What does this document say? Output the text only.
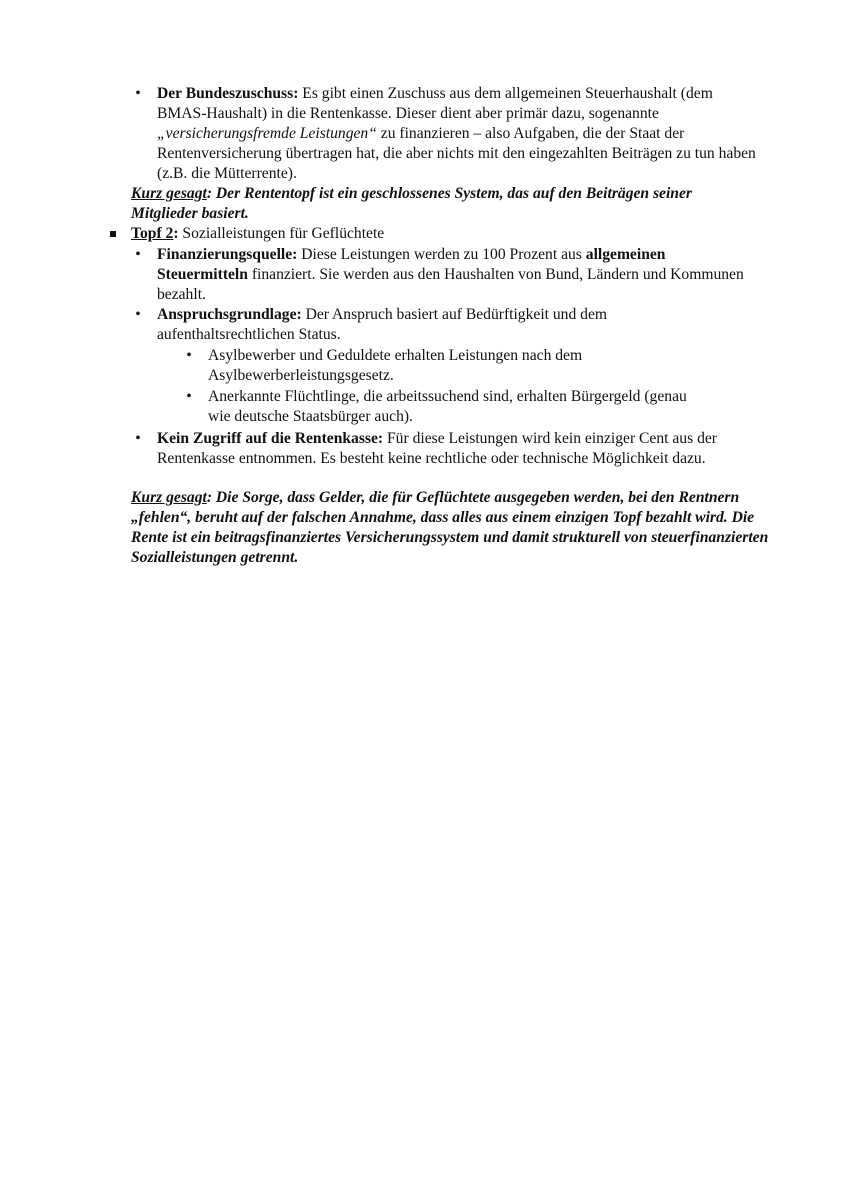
• Der Bundeszuschuss: Es gibt einen Zuschuss aus dem allgemeinen Steuerhaushalt (dem BMAS-Haushalt) in die Rentenkasse. Dieser dient aber primär dazu, sogenannte „versicherungsfremde Leistungen“ zu finanzieren – also Aufgaben, die der Staat der Rentenversicherung übertragen hat, die aber nichts mit den eingezahlten Beiträgen zu tun haben (z.B. die Mütterrente).

Kurz gesagt: Der Rententopf ist ein geschlossenes System, das auf den Beiträgen seiner Mitglieder basiert.

Topf 2: Sozialleistungen für Geflüchtete

• Finanzierungsquelle: Diese Leistungen werden zu 100 Prozent aus allgemeinen Steuermitteln finanziert. Sie werden aus den Haushalten von Bund, Ländern und Kommunen bezahlt.

• Anspruchsgrundlage: Der Anspruch basiert auf Bedürftigkeit und dem aufenthaltsrechtlichen Status.

• Asylbewerber und Geduldete erhalten Leistungen nach dem Asylbewerberleistungsgesetz.

• Anerkannte Flüchtlinge, die arbeitssuchend sind, erhalten Bürgergeld (genau wie deutsche Staatsbürger auch).

• Kein Zugriff auf die Rentenkasse: Für diese Leistungen wird kein einziger Cent aus der Rentenkasse entnommen. Es besteht keine rechtliche oder technische Möglichkeit dazu.

Kurz gesagt: Die Sorge, dass Gelder, die für Geflüchtete ausgegeben werden, bei den Rentnern „fehlen“, beruht auf der falschen Annahme, dass alles aus einem einzigen Topf bezahlt wird. Die Rente ist ein beitragsfinanziertes Versicherungssystem und damit strukturell von steuerfinanzierten Sozialleistungen getrennt.
